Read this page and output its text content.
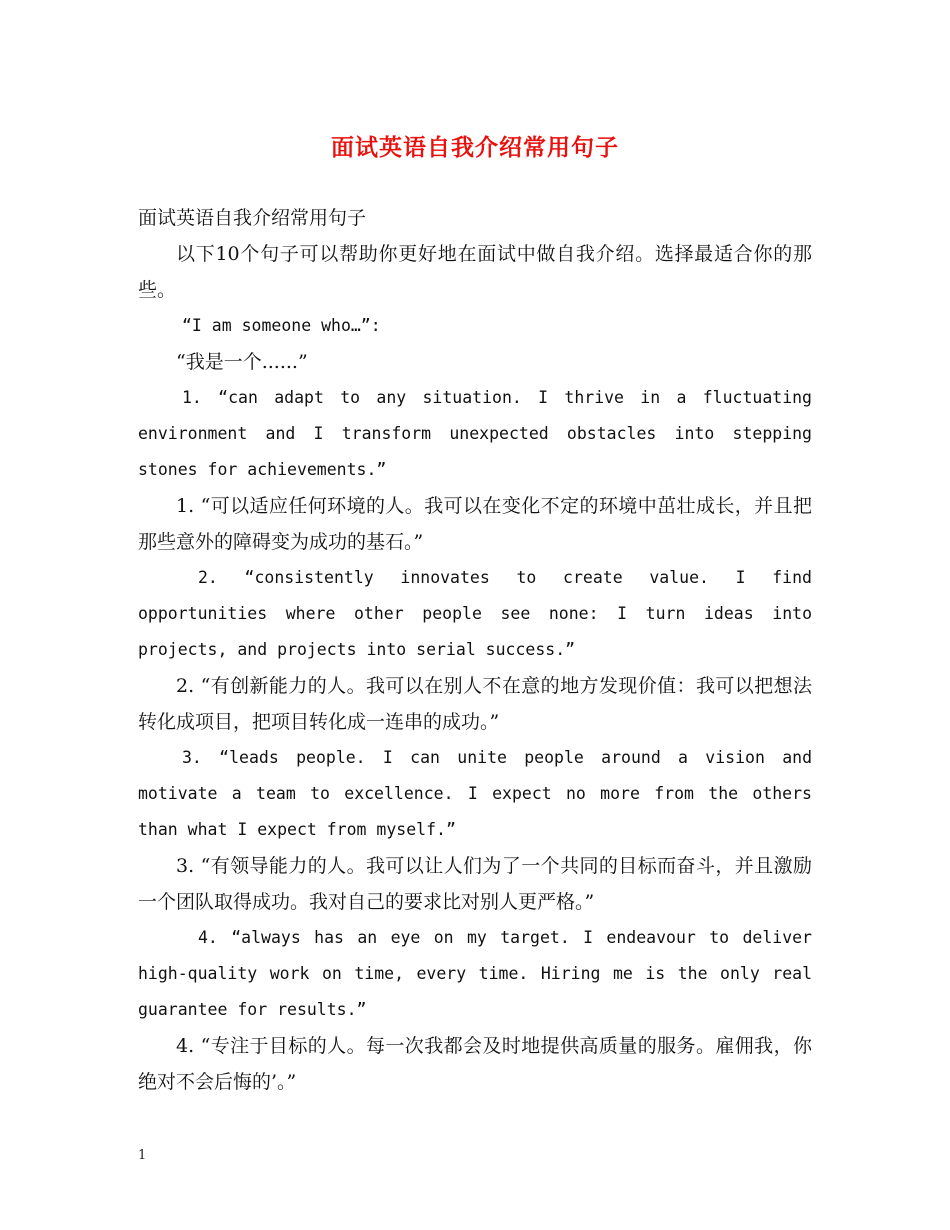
面试英语自我介绍常用句子

面试英语自我介绍常用句子

以下10个句子可以帮助你更好地在面试中做自我介绍。选择最适合你的那些。

“I am someone who…”:

“我是一个......”

1. “can adapt to any situation. I thrive in a fluctuating environment and I transform unexpected obstacles into stepping stones for achievements.”

1. “可以适应任何环境的人。我可以在变化不定的环境中茁壮成长，并且把那些意外的障碍变为成功的基石。”

2. “consistently innovates to create value. I find opportunities where other people see none: I turn ideas into projects, and projects into serial success.”

2. “有创新能力的人。我可以在别人不在意的地方发现价值：我可以把想法转化成项目，把项目转化成一连串的成功。”

3. “leads people. I can unite people around a vision and motivate a team to excellence. I expect no more from the others than what I expect from myself.”

3. “有领导能力的人。我可以让人们为了一个共同的目标而奋斗，并且激励一个团队取得成功。我对自己的要求比对别人更严格。”

4. “always has an eye on my target. I endeavour to deliver high-quality work on time, every time. Hiring me is the only real guarantee for results.”

4. “专注于目标的人。每一次我都会及时地提供高质量的服务。雇佣我，你绝对不会后悔的’。”

1
